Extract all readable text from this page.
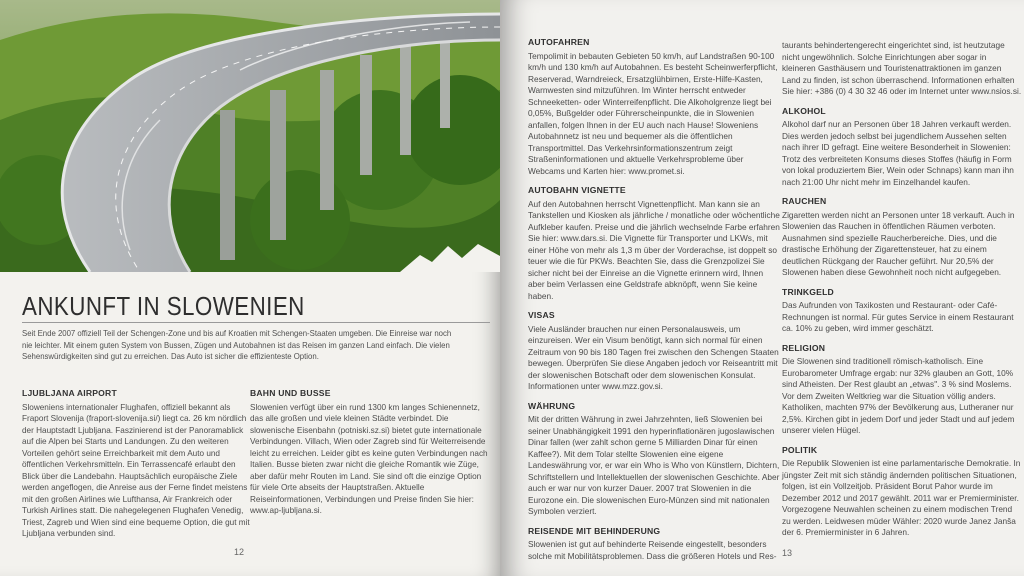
ANKUNFT IN SLOWENIEN
Seit Ende 2007 offiziell Teil der Schengen-Zone und bis auf Kroatien mit Schengen-Staaten umgeben. Die Einreise war noch nie leichter. Mit einem guten System von Bussen, Zügen und Autobahnen ist das Reisen im ganzen Land einfach. Die vielen Sehenswürdigkeiten sind gut zu erreichen. Das Auto ist sicher die effizienteste Option.
LJUBLJANA AIRPORT

Sloweniens internationaler Flughafen, offiziell bekannt als Fraport Slovenija (fraport-slovenija.si/) liegt ca. 26 km nördlich der Hauptstadt Ljubljana. Faszinierend ist der Panoramablick auf die Alpen bei Starts und Landungen. Zu den weiteren Vorteilen gehört seine Erreichbarkeit mit dem Auto und öffentlichen Verkehrsmitteln. Ein Terrassencafé erlaubt den Blick über die Landebahn. Hauptsächlich europäische Ziele werden angeflogen, die Anreise aus der Ferne findet meistens mit den großen Airlines wie Lufthansa, Air Frankreich oder Turkish Airlines statt. Die nahegelegenen Flughafen Venedig, Triest, Zagreb und Wien sind eine bequeme Option, die gut mit Ljubljana verbunden sind.

BAHN UND BUSSE

Slowenien verfügt über ein rund 1300 km langes Schienennetz, das alle großen und viele kleinen Städte verbindet. Die slowenische Eisenbahn (potniski.sz.si) bietet gute internationale Verbindungen. Villach, Wien oder Zagreb sind für Weiterreisende leicht zu erreichen. Leider gibt es keine guten Verbindungen nach Italien. Busse bieten zwar nicht die gleiche Romantik wie Züge, aber dafür mehr Routen im Land. Sie sind oft die einzige Option für viele Orte abseits der Hauptstraßen. Aktuelle Reiseinformationen, Verbindungen und Preise finden Sie hier: www.ap-ljubljana.si.

12
AUTOFAHREN

Tempolimit in bebauten Gebieten 50 km/h, auf Landstraßen 90-100 km/h und 130 km/h auf Autobahnen. Es besteht Scheinwerferpflicht, Reserverad, Warndreieck, Ersatzglühbirnen, Erste-Hilfe-Kasten, Warnwesten sind mitzuführen. Im Winter herrscht entweder Schneeketten- oder Winterreifenpflicht. Die Alkoholgrenze liegt bei 0,05%, Bußgelder oder Führerscheinpunkte, die in Slowenien anfallen, folgen Ihnen in der EU auch nach Hause! Sloweniens Autobahnnetz ist neu und bequemer als die öffentlichen Transportmittel. Das Verkehrsinformationszentrum zeigt Straßeninformationen und aktuelle Verkehrsprobleme über Webcams und Karten hier: www.promet.si.

AUTOBAHN VIGNETTE

Auf den Autobahnen herrscht Vignettenpflicht. Man kann sie an Tankstellen und Kiosken als jährliche / monatliche oder wöchentliche Aufkleber kaufen. Preise und die jährlich wechselnde Farbe erfahren Sie hier: www.dars.si. Die Vignette für Transporter und LKWs, mit einer Höhe von mehr als 1,3 m über der Vorderachse, ist doppelt so teuer wie die für PKWs. Beachten Sie, dass die Grenzpolizei Sie sicher nicht bei der Einreise an die Vignette erinnern wird, Ihnen aber beim Verlassen eine Geldstrafe abknöpft, wenn Sie keine haben.

VISAS

Viele Ausländer brauchen nur einen Personalausweis, um einzureisen. Wer ein Visum benötigt, kann sich normal für einen Zeitraum von 90 bis 180 Tagen frei zwischen den Schengen Staaten bewegen. Überprüfen Sie diese Angaben jedoch vor Reiseantritt mit der slowenischen Botschaft oder dem slowenischen Konsulat. Informationen unter www.mzz.gov.si.

WÄHRUNG

Mit der dritten Währung in zwei Jahrzehnten, ließ Slowenien bei seiner Unabhängigkeit 1991 den hyperinflationären jugoslawischen Dinar fallen (wer zahlt schon gerne 5 Milliarden Dinar für einen Kaffee?). Mit dem Tolar stellte Slowenien eine eigene Landeswährung vor, er war ein Who is Who von Künstlern, Dichtern, Schriftstellern und Intellektuellen der slowenischen Geschichte. Aber auch er war nur von kurzer Dauer. 2007 trat Slowenien in die Eurozone ein. Die slowenischen Euro-Münzen sind mit nationalen Symbolen verziert.

REISENDE MIT BEHINDERUNG

Slowenien ist gut auf behinderte Reisende eingestellt, besonders solche mit Mobilitätsproblemen. Dass die größeren Hotels und Res-

taurants behindertengerecht eingerichtet sind, ist heutzutage nicht ungewöhnlich. Solche Einrichtungen aber sogar in kleineren Gasthäusern und Touristenattraktionen im ganzen Land zu finden, ist schon überraschend. Informationen erhalten Sie hier: +386 (0) 4 30 32 46 oder im Internet unter www.nsios.si.

ALKOHOL

Alkohol darf nur an Personen über 18 Jahren verkauft werden. Dies werden jedoch selbst bei jugendlichem Aussehen selten nach ihrer ID gefragt. Eine weitere Besonderheit in Slowenien: Trotz des verbreiteten Konsums dieses Stoffes (häufig in Form von lokal produziertem Bier, Wein oder Schnaps) kann man ihn nach 21:00 Uhr nicht mehr im Einzelhandel kaufen.

RAUCHEN

Zigaretten werden nicht an Personen unter 18 verkauft. Auch in Slowenien das Rauchen in öffentlichen Räumen verboten. Ausnahmen sind spezielle Raucherbereiche. Dies, und die drastische Erhöhung der Zigarettensteuer, hat zu einem deutlichen Rückgang der Raucher geführt. Nur 20,5% der Slowenen haben diese Gewohnheit noch nicht aufgegeben.

TRINKGELD

Das Aufrunden von Taxikosten und Restaurant- oder Café-Rechnungen ist normal. Für gutes Service in einem Restaurant ca. 10% zu geben, wird immer geschätzt.

RELIGION

Die Slowenen sind traditionell römisch-katholisch. Eine Eurobarometer Umfrage ergab: nur 32% glauben an Gott, 10% sind Atheisten. Der Rest glaubt an „etwas". 3 % sind Moslems. Vor dem Zweiten Weltkrieg war die Situation völlig anders. Katholiken, machten 97% der Bevölkerung aus, Lutheraner nur 2,5%. Kirchen gibt in jedem Dorf und jeder Stadt und auf jedem unserer vielen Hügel.

POLITIK

Die Republik Slowenien ist eine parlamentarische Demokratie. In jüngster Zeit mit sich ständig ändernden politischen Situationen, folgen, ist ein Vollzeitjob. Präsident Borut Pahor wurde im Dezember 2012 und 2017 gewählt. 2011 war er Premierminister. Vorgezogene Neuwahlen scheinen zu einem modischen Trend zu werden. Leidwesen müder Wähler: 2020 wurde Janez Janša der 6. Premierminister in 6 Jahren.

13
